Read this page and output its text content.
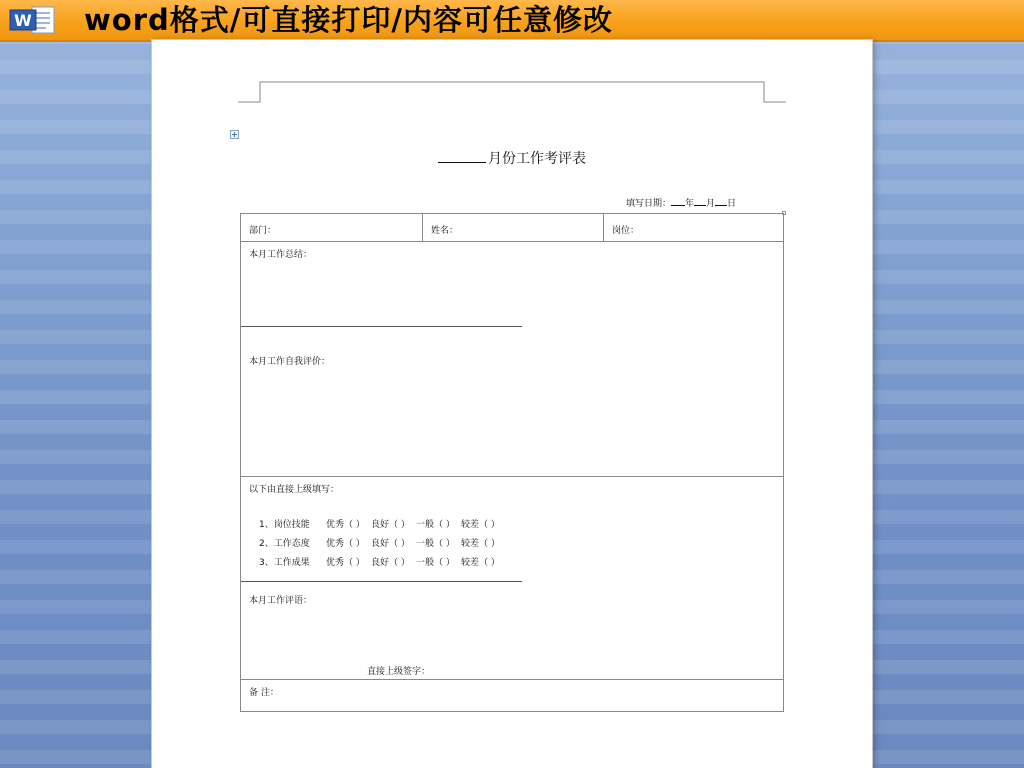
W word格式/可直接打印/内容可任意修改
月份工作考评表
填写日期： 年 月 日
部门：	姓名：	岗位：
本月工作总结：
本月工作自我评价：
以下由直接上级填写：
1、岗位技能 优秀（ ） 良好（ ） 一般（ ） 较差（ ）
2、工作态度 优秀（ ） 良好（ ） 一般（ ） 较差（ ）
3、工作成果 优秀（ ） 良好（ ） 一般（ ） 较差（ ）
本月工作评语：
直接上级签字：
备 注：
